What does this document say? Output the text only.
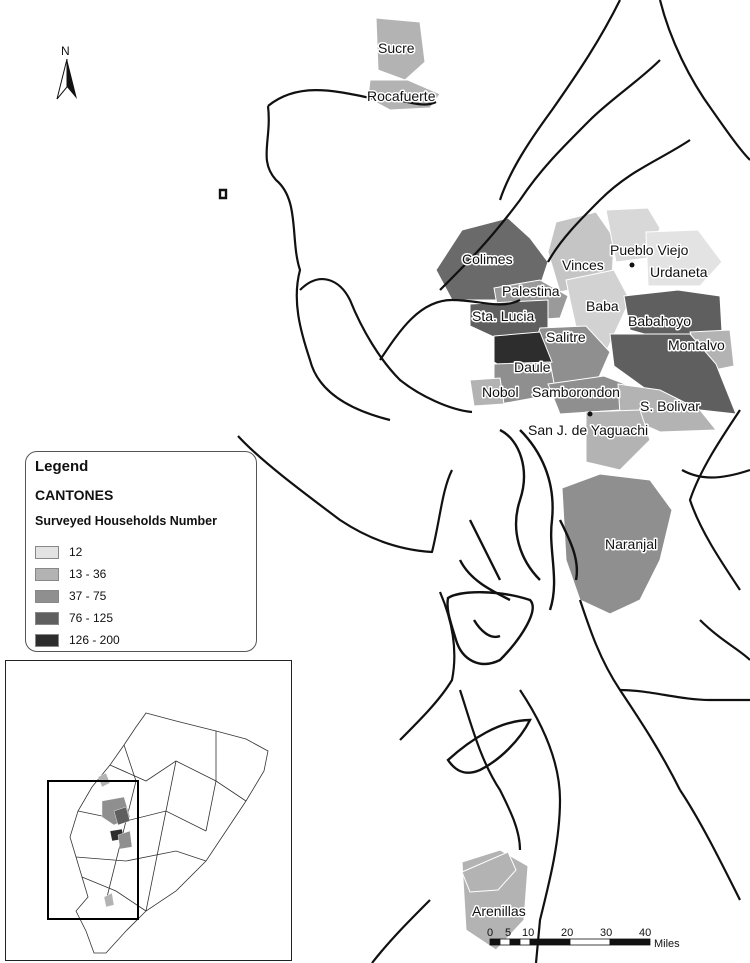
Sucre
Rocafuerte
Colimes	Vinces
Pueblo Viejo
Urdaneta
Palestina
Baba
Sta. Lucia
Salitre
Babahoyo
Montalvo
Daule
Nobol Samborondon
S. Bolivar
San J. de Yaguachi
Naranjal
Arenillas
N
Legend
CANTONES
Surveyed Households Number
12
13 - 36
37 - 75
76 - 125
126 - 200
0 5 10 20 30 40
Miles
